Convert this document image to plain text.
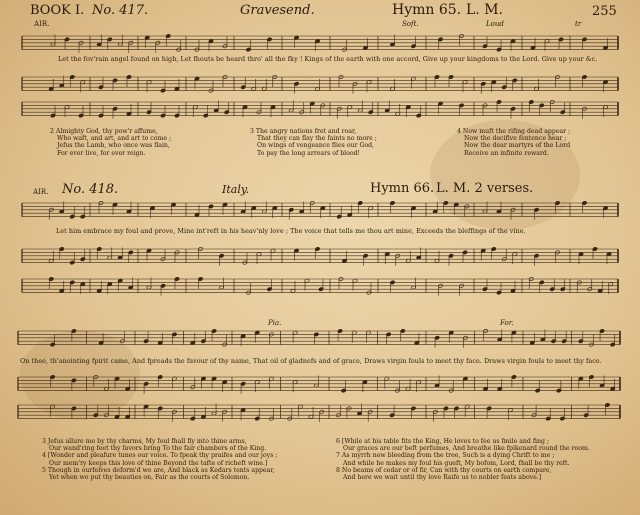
BOOK I. No. 417.	Gravesend.	Hymn 65. L. M.	255
AIR.	Soft.	Loud	tr
Let the fov'rain angel found on high, Let fhouts be heard thro' all the fky ! Kings of the earth with one accord, Give up your kingdoms to the Lord. Give up your &c.
2 Almighty God, thy pow'r affume,
Who waft, and art, and art to come ;
Jefus the Lamb, who once was flain,
For ever live, for ever reign.
3 The angry nations fret and roar,
That they can flay the faints no more ;
On wings of vengeance flies our God,
To pay the long arrears of blood!
4 Now muft the rifing dead appear ;
Now the decifive fentence hear ;
Now the dear martyrs of the Lord
Receive an infinite reward.
AIR. No. 418.	Italy.	Hymn 66. L. M. 2 verses.
Let him embrace my foul and prove, Mine int'reft in his heav'nly love ; The voice that tells me thou art mine, Exceeds the bleffings of the vine.
Pia.	For.
On thee, th'anointing fpirit came, And fpreads the favour of thy name, That oil of gladnefs and of grace, Draws virgin fouls to meet thy face. Draws virgin fouls to meet thy face.
3 Jefus allure me by thy charms, My foul fhall fly into thine arms,
Our wand'ring feet thy favors bring To the fair chambers of the King.
4 [Wonder and pleafure tunes our voice. To fpeak thy praifes and our joys ;
Our mem'ry keeps this love of thine Beyond the tafte of richeft wine.]
5 Though in ourfelves deform'd we are, And black as Kedars tents appear,
Yet when we put thy beauties on, Fair as the courts of Solomon.
6 [While at his table fits the King, He loves to fee us fmile and fing ;
Our graces are our beft perfumes, And breathe like fpikenard round the room.
7 As myrrh new bleeding from the tree, Such is a dying Chrift to me ;
And while he makes my foul his gueft, My bofom, Lord, fhall be thy reft.
8 No beams of cedar or of fir, Can with thy courts on earth compare,
And here we wait until thy love Raife us to nobler feats above.]
